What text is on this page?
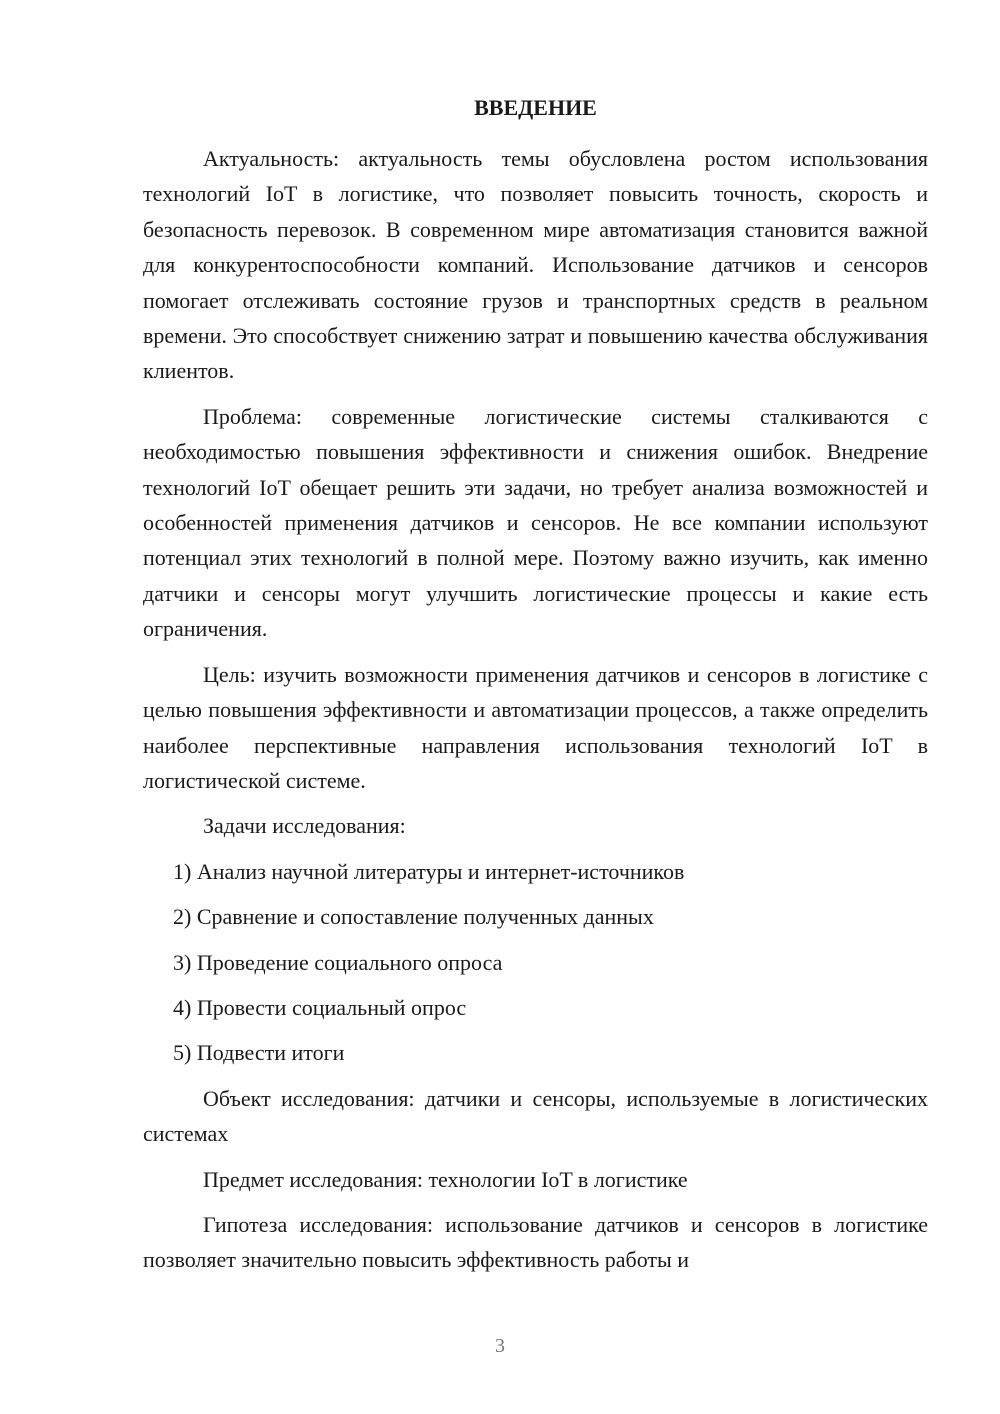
ВВЕДЕНИЕ

Актуальность: актуальность темы обусловлена ростом использования технологий IoT в логистике, что позволяет повысить точность, скорость и безопасность перевозок. В современном мире автоматизация становится важной для конкурентоспособности компаний. Использование датчиков и сенсоров помогает отслеживать состояние грузов и транспортных средств в реальном времени. Это способствует снижению затрат и повышению качества обслуживания клиентов.

Проблема: современные логистические системы сталкиваются с необходимостью повышения эффективности и снижения ошибок. Внедрение технологий IoT обещает решить эти задачи, но требует анализа возможностей и особенностей применения датчиков и сенсоров. Не все компании используют потенциал этих технологий в полной мере. Поэтому важно изучить, как именно датчики и сенсоры могут улучшить логистические процессы и какие есть ограничения.

Цель: изучить возможности применения датчиков и сенсоров в логистике с целью повышения эффективности и автоматизации процессов, а также определить наиболее перспективные направления использования технологий IoT в логистической системе.

Задачи исследования:

1) Анализ научной литературы и интернет-источников
2) Сравнение и сопоставление полученных данных
3) Проведение социального опроса
4) Провести социальный опрос
5) Подвести итоги

Объект исследования: датчики и сенсоры, используемые в логистических системах

Предмет исследования: технологии IoT в логистике

Гипотеза исследования: использование датчиков и сенсоров в логистике позволяет значительно повысить эффективность работы и

3
